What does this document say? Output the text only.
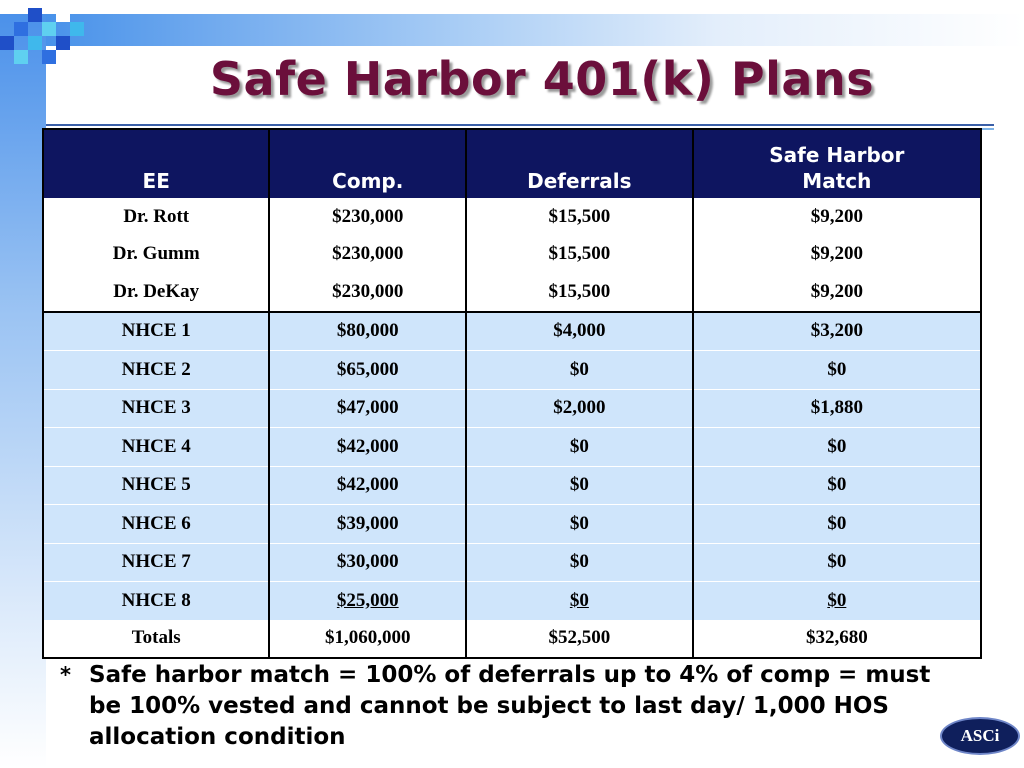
Safe Harbor 401(k) Plans
EE	Comp.	Deferrals	Safe Harbor
Match
Dr. Rott	$230,000	$15,500	$9,200
Dr. Gumm	$230,000	$15,500	$9,200
Dr. DeKay	$230,000	$15,500	$9,200
NHCE 1	$80,000	$4,000	$3,200
NHCE 2	$65,000	$0	$0
NHCE 3	$47,000	$2,000	$1,880
NHCE 4	$42,000	$0	$0
NHCE 5	$42,000	$0	$0
NHCE 6	$39,000	$0	$0
NHCE 7	$30,000	$0	$0
NHCE 8	$25,000	$0	$0
Totals	$1,060,000	$52,500	$32,680
* Safe harbor match = 100% of deferrals up to 4% of comp = must be 100% vested and cannot be subject to last day/ 1,000 HOS allocation condition	ASCi
